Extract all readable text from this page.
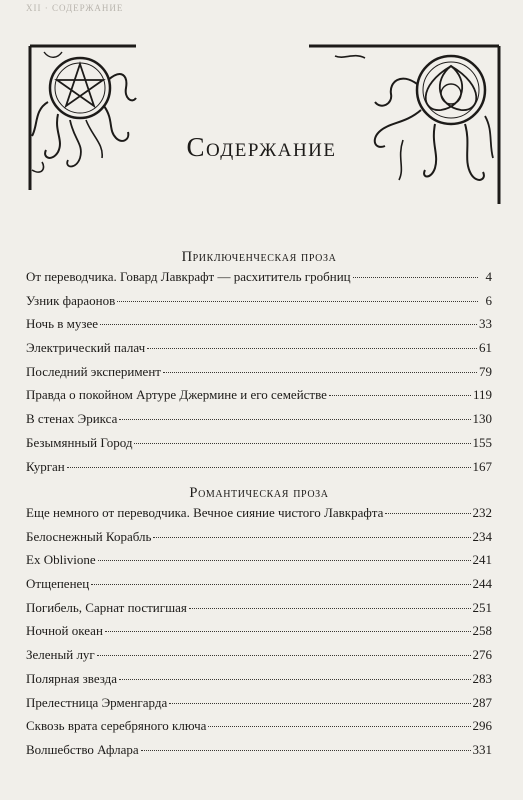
XII · СОДЕРЖАНИЕ
Содержание
Приключенческая проза
От переводчика. Говард Лавкрафт — расхититель гробниц	4
Узник фараонов	6
Ночь в музее	33
Электрический палач	61
Последний эксперимент	79
Правда о покойном Артуре Джермине и его семействе	119
В стенах Эрикса	130
Безымянный Город	155
Курган	167
Романтическая проза
Еще немного от переводчика. Вечное сияние чистого Лавкрафта	232
Белоснежный Корабль	234
Ex Oblivione	241
Отщепенец	244
Погибель, Сарнат постигшая	251
Ночной океан	258
Зеленый луг	276
Полярная звезда	283
Прелестница Эрменгарда	287
Сквозь врата серебряного ключа	296
Волшебство Афлара	331
